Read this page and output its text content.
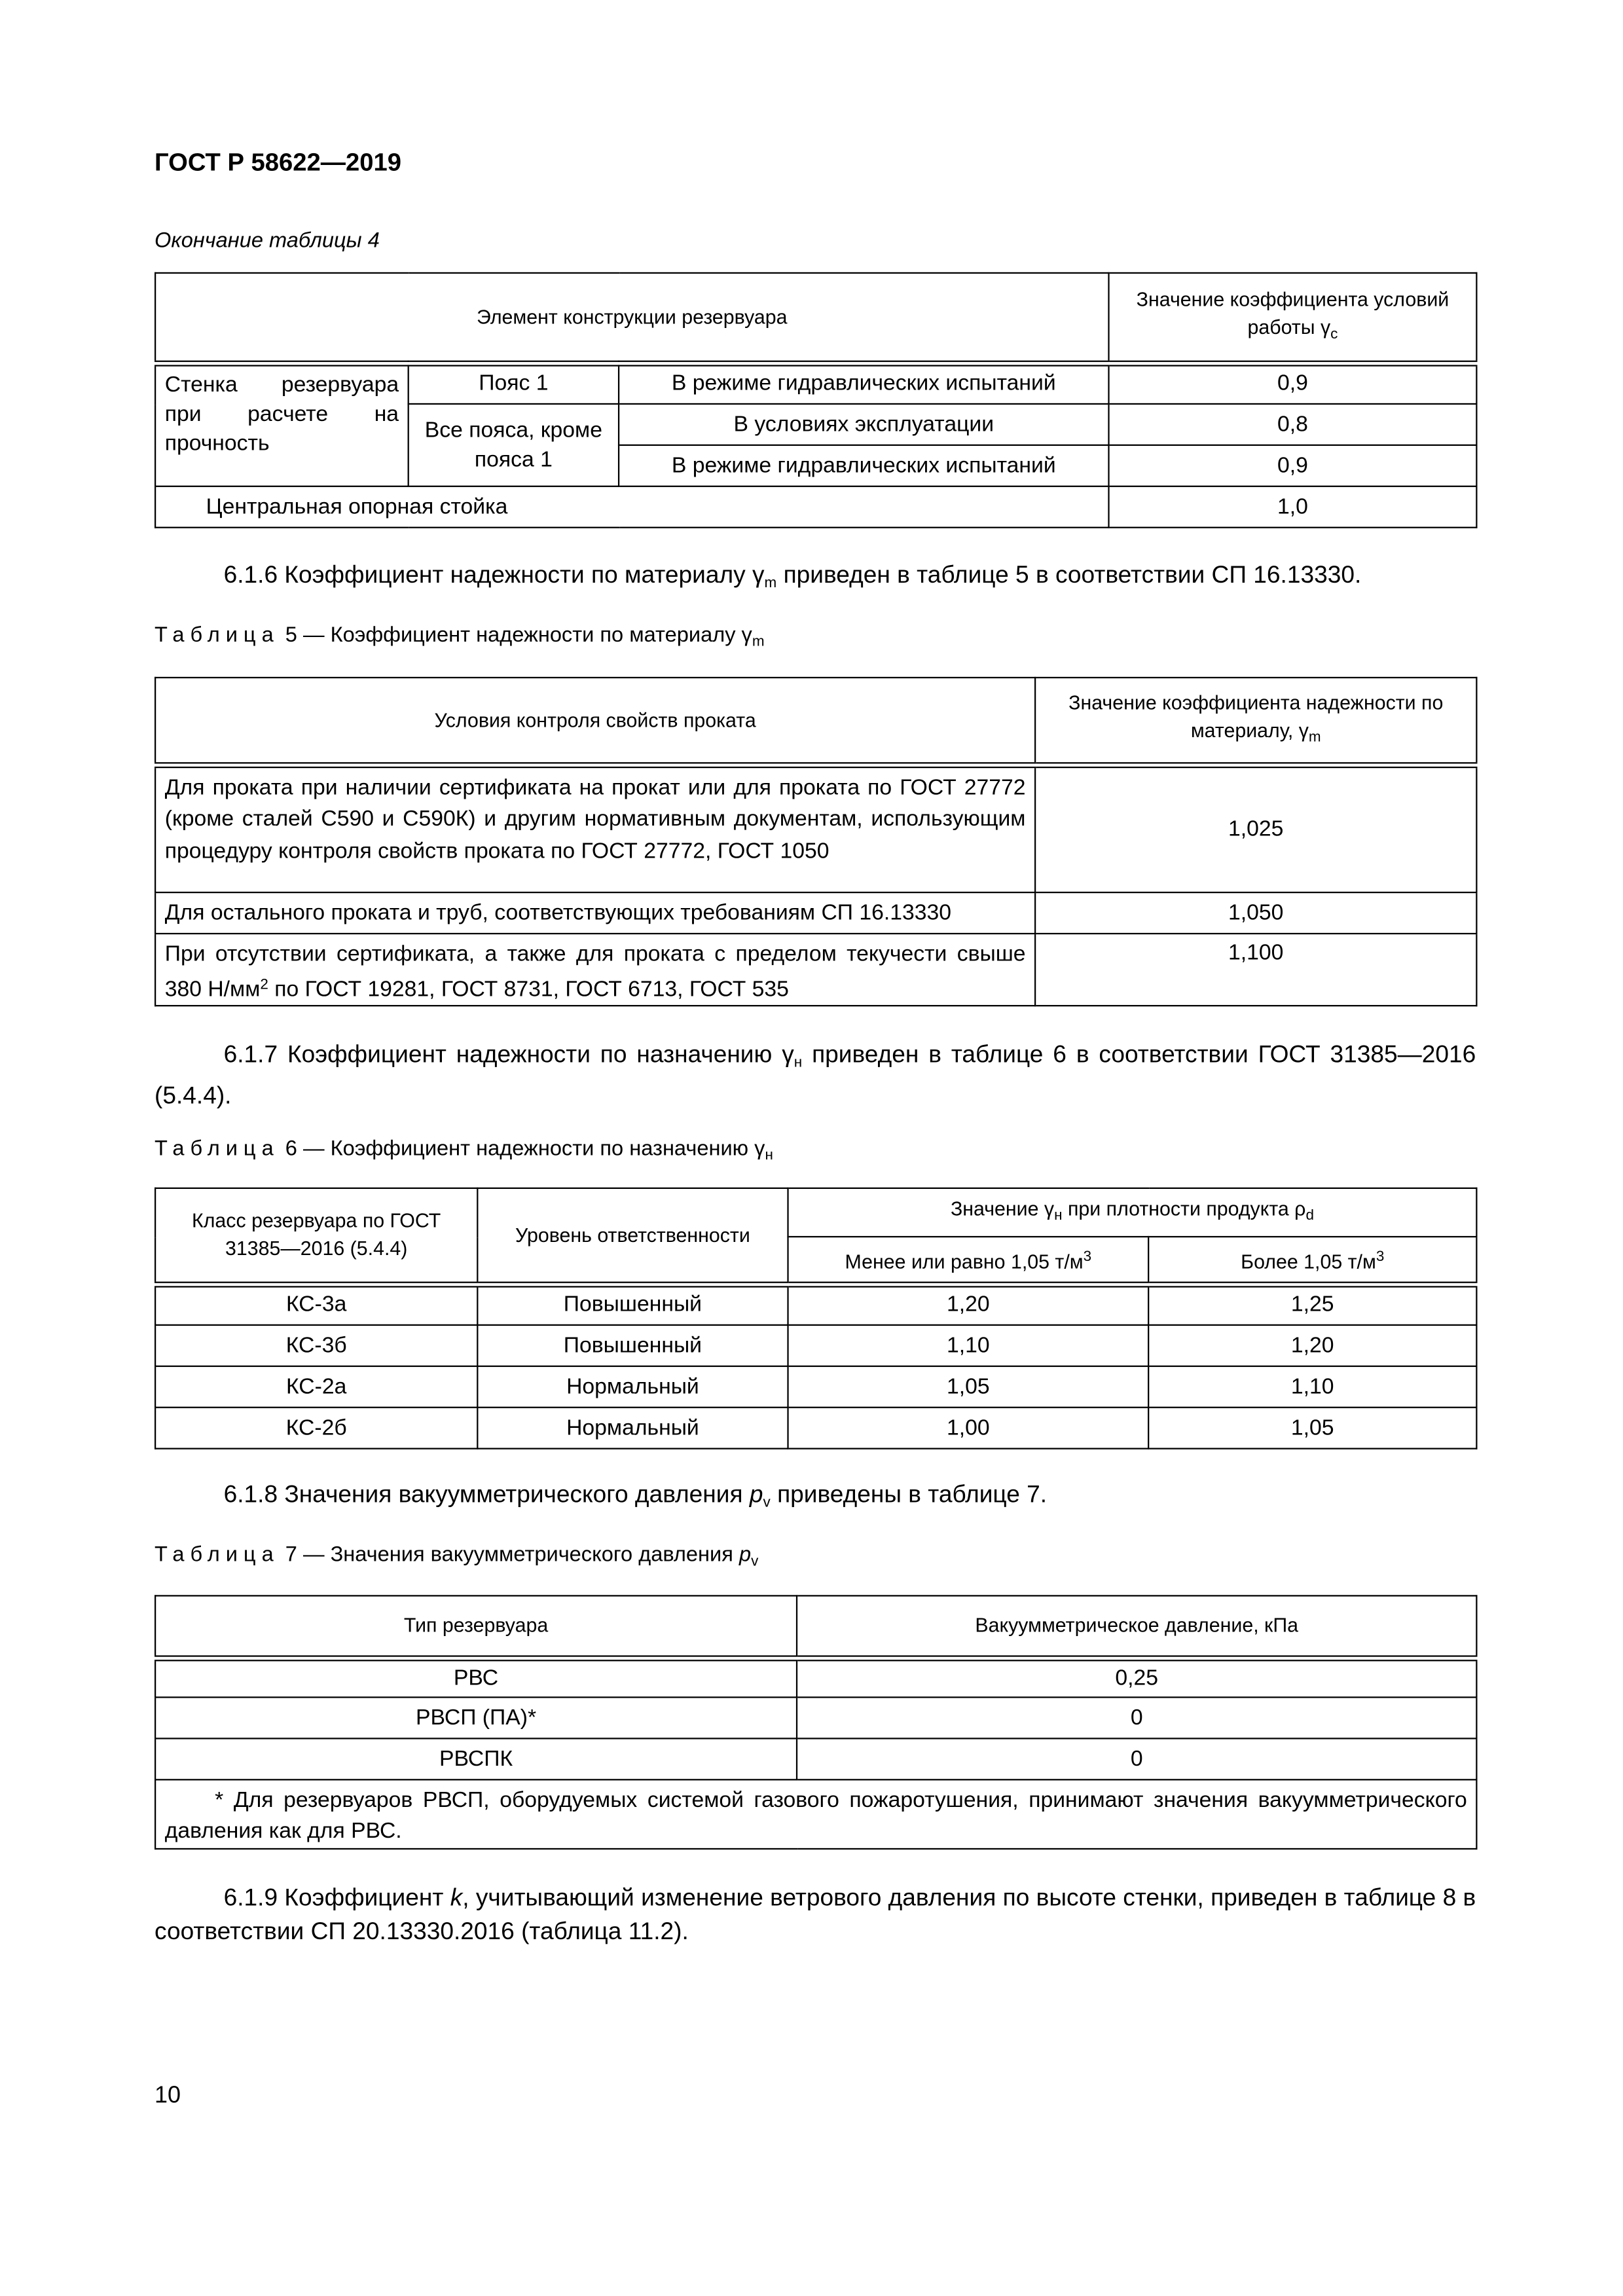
ГОСТ Р 58622—2019
Окончание таблицы 4
Элемент конструкции резервуара			Значение коэффициента условий работы $\gamma_c$
Стенка резервуара при расчете на прочность	Пояс 1	В режиме гидравлических испытаний	0,9
	Все пояса, кроме пояса 1	В условиях эксплуатации	0,8
		В режиме гидравлических испытаний	0,9
Центральная опорная стойка			1,0
6.1.6 Коэффициент надежности по материалу $\gamma_m$ приведен в таблице 5 в соответствии СП 16.13330.
Таблица 5 — Коэффициент надежности по материалу $\gamma_m$
Условия контроля свойств проката	Значение коэффициента надежности по материалу, $\gamma_m$
Для проката при наличии сертификата на прокат или для проката по ГОСТ 27772 (кроме сталей С590 и С590К) и другим нормативным документам, использующим процедуру контроля свойств проката по ГОСТ 27772, ГОСТ 1050	1,025
Для остального проката и труб, соответствующих требованиям СП 16.13330	1,050
При отсутствии сертификата, а также для проката с пределом текучести свыше 380 $Н/мм^2$ по ГОСТ 19281, ГОСТ 8731, ГОСТ 6713, ГОСТ 535	1,100
6.1.7 Коэффициент надежности по назначению $\gamma_н$ приведен в таблице 6 в соответствии ГОСТ 31385—2016 (5.4.4).
Таблица 6 — Коэффициент надежности по назначению $\gamma_н$
Класс резервуара по ГОСТ 31385—2016 (5.4.4)	Уровень ответственности	Значение $\gamma_н$ при плотности продукта $\rho_d$
		Менее или равно 1,05 $т/м^3$	Более 1,05 $т/м^3$
КС-3а	Повышенный	1,20	1,25
КС-3б	Повышенный	1,10	1,20
КС-2а	Нормальный	1,05	1,10
КС-2б	Нормальный	1,00	1,05
6.1.8 Значения вакуумметрического давления $p_v$ приведены в таблице 7.
Таблица 7 — Значения вакуумметрического давления $p_v$
Тип резервуара	Вакуумметрическое давление, кПа
РВС	0,25
РВСП (ПА)*	0
РВСПК	0
* Для резервуаров РВСП, оборудуемых системой газового пожаротушения, принимают значения вакуумметрического давления как для РВС.	
6.1.9 Коэффициент k, учитывающий изменение ветрового давления по высоте стенки, приведен в таблице 8 в соответствии СП 20.13330.2016 (таблица 11.2).
10
